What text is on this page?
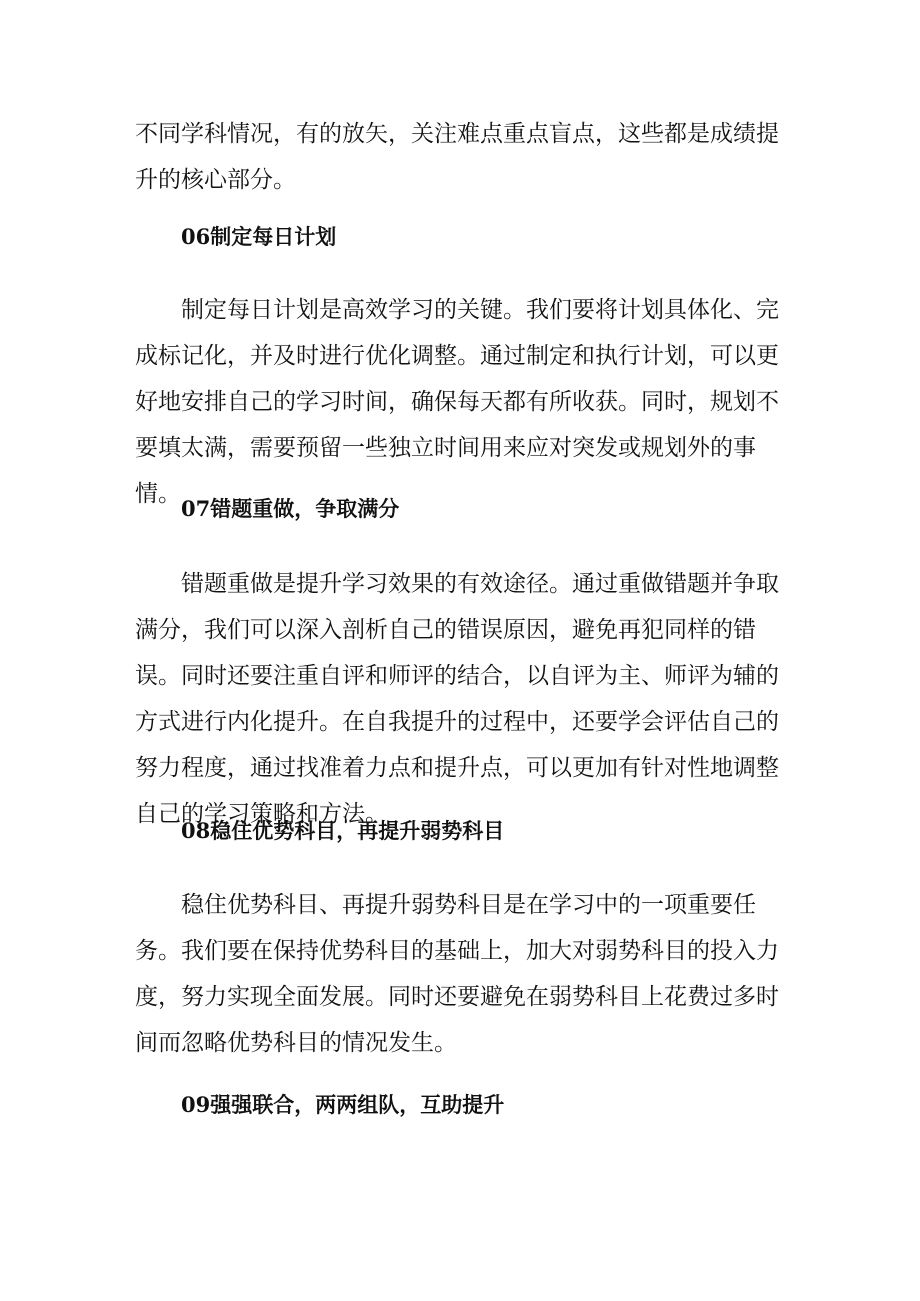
不同学科情况，有的放矢，关注难点重点盲点，这些都是成绩提升的核心部分。

06制定每日计划

制定每日计划是高效学习的关键。我们要将计划具体化、完成标记化，并及时进行优化调整。通过制定和执行计划，可以更好地安排自己的学习时间，确保每天都有所收获。同时，规划不要填太满，需要预留一些独立时间用来应对突发或规划外的事情。

07错题重做，争取满分

错题重做是提升学习效果的有效途径。通过重做错题并争取满分，我们可以深入剖析自己的错误原因，避免再犯同样的错误。同时还要注重自评和师评的结合，以自评为主、师评为辅的方式进行内化提升。在自我提升的过程中，还要学会评估自己的努力程度，通过找准着力点和提升点，可以更加有针对性地调整自己的学习策略和方法。

08稳住优势科目，再提升弱势科目

稳住优势科目、再提升弱势科目是在学习中的一项重要任务。我们要在保持优势科目的基础上，加大对弱势科目的投入力度，努力实现全面发展。同时还要避免在弱势科目上花费过多时间而忽略优势科目的情况发生。

09强强联合，两两组队，互助提升
